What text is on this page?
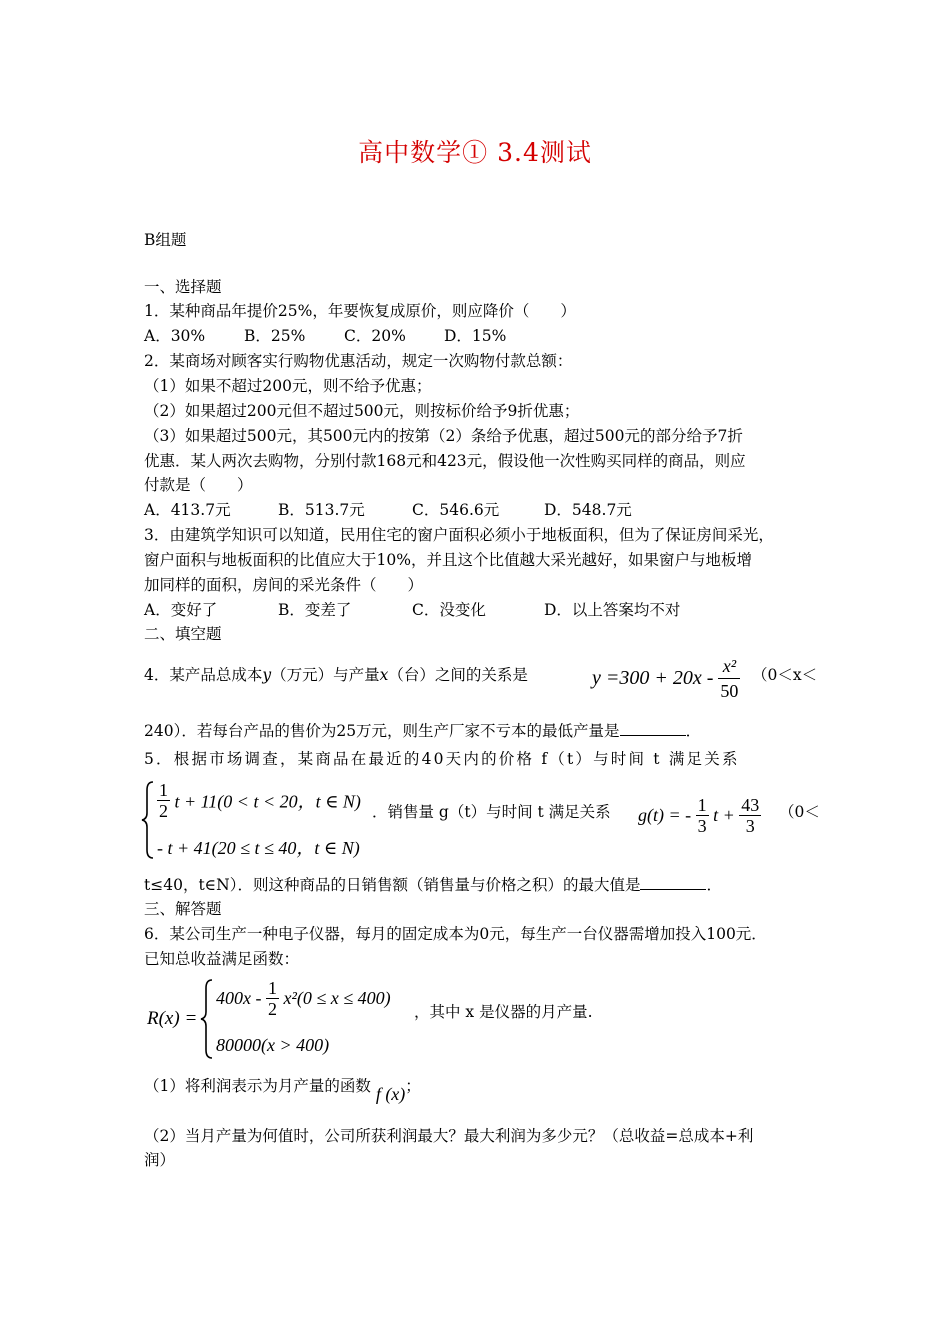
高中数学① 3.4测试
B组题
一、选择题
1．某种商品年提价25%，年要恢复成原价，则应降价（　　）
A．30%	B．25% C．20% D．15%
2．某商场对顾客实行购物优惠活动，规定一次购物付款总额：
（1）如果不超过200元，则不给予优惠；
（2）如果超过200元但不超过500元，则按标价给予9折优惠；
（3）如果超过500元，其500元内的按第（2）条给予优惠，超过500元的部分给予7折
优惠．某人两次去购物，分别付款168元和423元，假设他一次性购买同样的商品，则应
付款是（　　）
A．413.7元	B．513.7元	C．546.6元	D．548.7元
3．由建筑学知识可以知道，民用住宅的窗户面积必须小于地板面积，但为了保证房间采光，
窗户面积与地板面积的比值应大于10%，并且这个比值越大采光越好，如果窗户与地板增
加同样的面积，房间的采光条件（　　）
A．变好了	B．变差了	C．没变化	D．以上答案均不对
二、填空题
4．某产品总成本y（万元）与产量x（台）之间的关系是	$y =300 + 20x - \frac{\text{x²}}{50} (0<x<$
240）．若每台产品的售价为25万元，则生产厂家不亏本的最低产量是	．
5．根据市场调查，某商品在最近的40天内的价格 f（t）与时间 t 满足关系
$\frac{1}{2}$ t + 11(0 < t < 20，t ∈ N)
- t + 41(20 ≤ t ≤ 40，t ∈ N)
．销售量 g（t）与时间 t 满足关系 g(t) = - $\frac{1}{3}$ $t + \frac{43}{3} (0<$
t≤40，t∈N）．则这种商品的日销售额（销售量与价格之积）的最大值是	．
三、解答题
6．某公司生产一种电子仪器，每月的固定成本为0元，每生产一台仪器需增加投入100元．
已知总收益满足函数：
R(x) =
$400x - \frac{1}{2} x^2(0 \le x \le 400)$
80000(x > 400)
，其中 x 是仪器的月产量.
（1）将利润表示为月产量的函数 f (x)；
（2）当月产量为何值时，公司所获利润最大？最大利润为多少元？（总收益=总成本+利
润）
